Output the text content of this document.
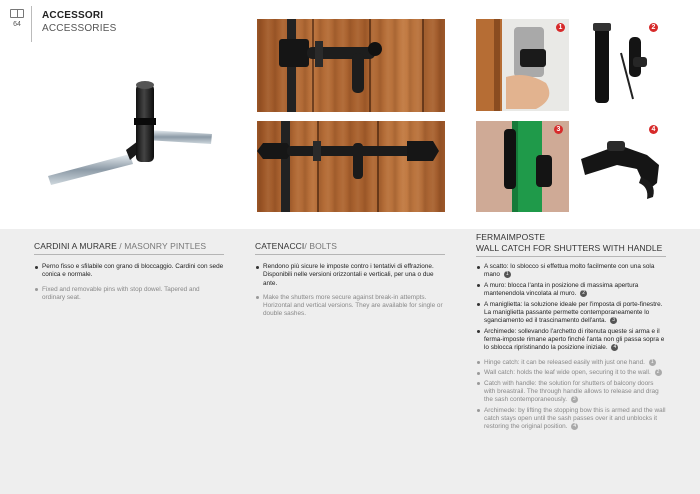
64
ACCESSORI
ACCESSORIES	1	2
3	4
CARDINI A MURARE / MASONRY PINTLES
Perno fisso e sfilabile con grano di bloccaggio. Cardini con sede conica e normale.
Fixed and removable pins with stop dowel. Tapered and ordinary seat.
CATENACCI/ BOLTS
Rendono più sicure le imposte contro i tentativi di effrazione. Disponibili nelle versioni orizzontali e verticali, per una o due ante.
Make the shutters more secure against break-in attempts. Horizontal and vertical versions. They are available for single or double sashes.
FERMAIMPOSTE
WALL CATCH FOR SHUTTERS WITH HANDLE
A scatto: lo sblocco si effettua molto facilmente con una sola mano 1
A muro: blocca l'anta in posizione di massima apertura mantenendola vincolata al muro. 2
A maniglietta: la soluzione ideale per l'imposta di porte-finestre. La maniglietta passante permette contemporaneamente lo sganciamento ed il trascinamento dell'anta. 3
Archimede: sollevando l'archetto di ritenuta queste si arma e il ferma-imposte rimane aperto finché l'anta non gli passa sopra e lo sblocca ripristinando la posizione iniziale. 4
Hinge catch: it can be released easily with just one hand. 1
Wall catch: holds the leaf wide open, securing it to the wall. 2
Catch with handle: the solution for shutters of balcony doors with breastrail. The through handle allows to release and drag the sash contemporaneously. 3
Archimede: by lifting the stopping bow this is armed and the wall catch stays open until the sash passes over it and unblocks it restoring the original position. 4
